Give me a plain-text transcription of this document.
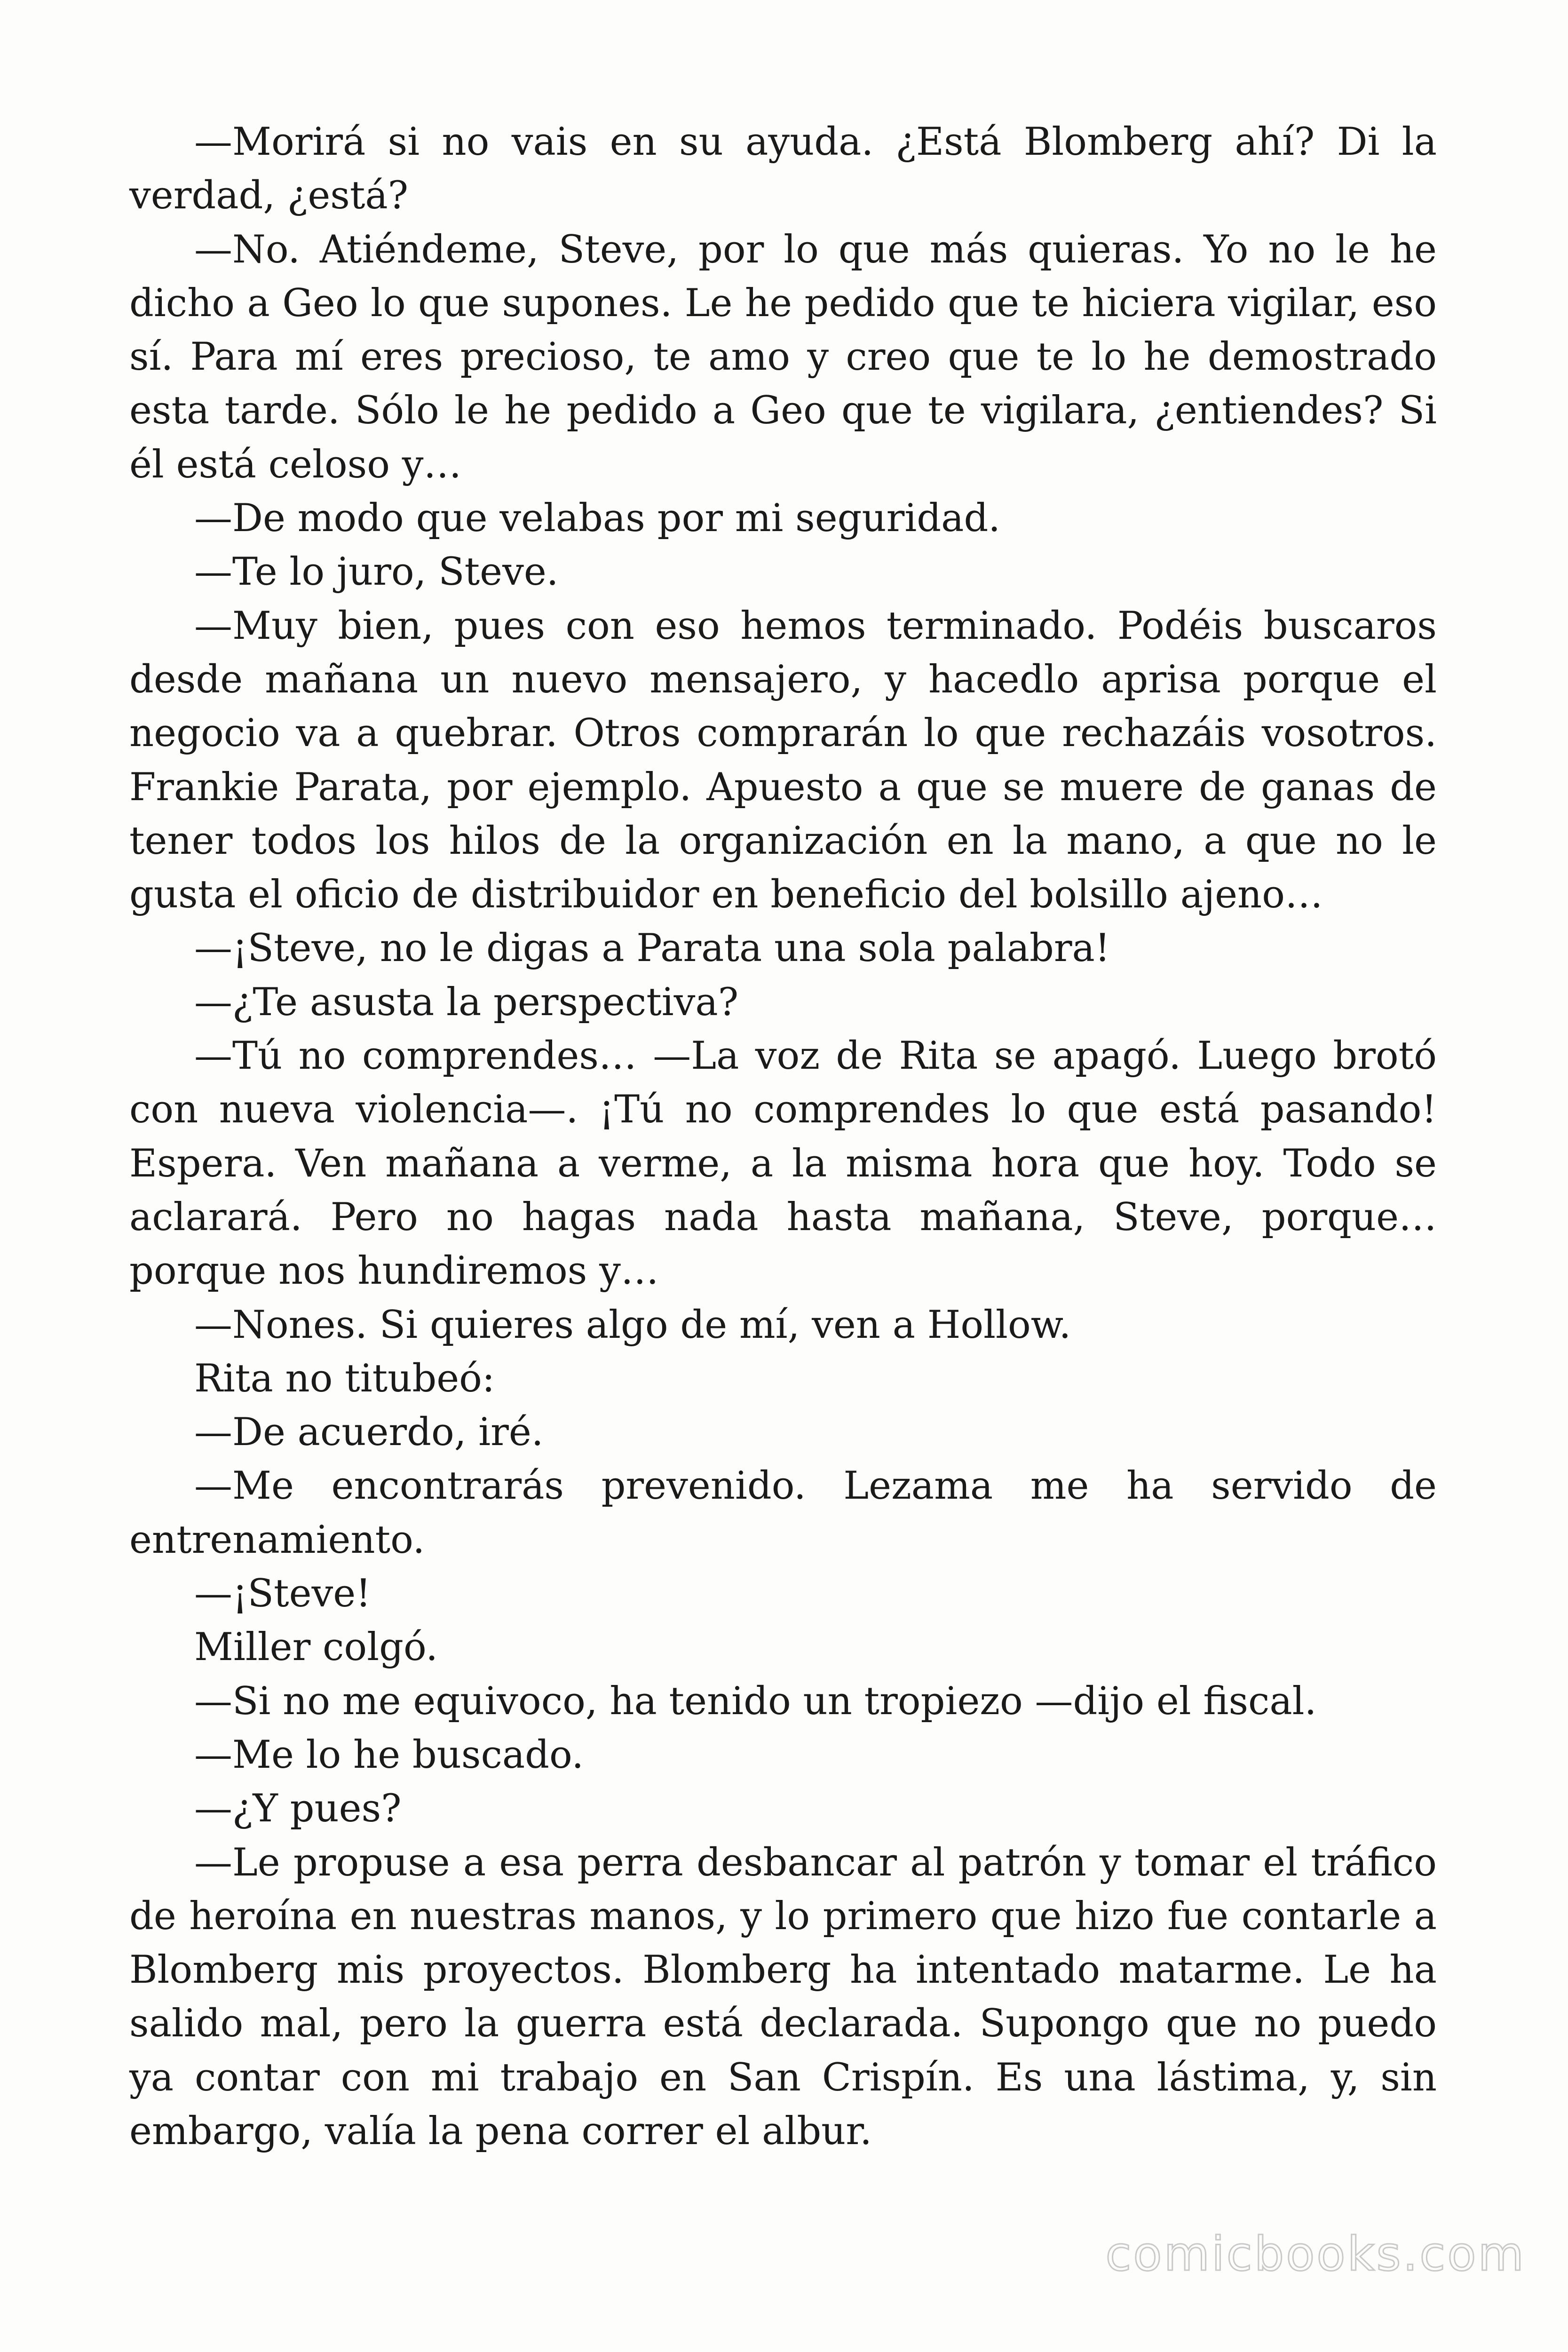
—Morirá si no vais en su ayuda. ¿Está Blomberg ahí? Di la verdad, ¿está?

—No. Atiéndeme, Steve, por lo que más quieras. Yo no le he dicho a Geo lo que supones. Le he pedido que te hiciera vigilar, eso sí. Para mí eres precioso, te amo y creo que te lo he demostrado esta tarde. Sólo le he pedido a Geo que te vigilara, ¿entiendes? Si él está celoso y…

—De modo que velabas por mi seguridad.

—Te lo juro, Steve.

—Muy bien, pues con eso hemos terminado. Podéis buscaros desde mañana un nuevo mensajero, y hacedlo aprisa porque el negocio va a quebrar. Otros comprarán lo que rechazáis vosotros. Frankie Parata, por ejemplo. Apuesto a que se muere de ganas de tener todos los hilos de la organización en la mano, a que no le gusta el oficio de distribuidor en beneficio del bolsillo ajeno…

—¡Steve, no le digas a Parata una sola palabra!

—¿Te asusta la perspectiva?

—Tú no comprendes… —La voz de Rita se apagó. Luego brotó con nueva violencia—. ¡Tú no comprendes lo que está pasando! Espera. Ven mañana a verme, a la misma hora que hoy. Todo se aclarará. Pero no hagas nada hasta mañana, Steve, porque… porque nos hundiremos y…

—Nones. Si quieres algo de mí, ven a Hollow.

Rita no titubeó:

—De acuerdo, iré.

—Me encontrarás prevenido. Lezama me ha servido de entrenamiento.

—¡Steve!

Miller colgó.

—Si no me equivoco, ha tenido un tropiezo —dijo el fiscal.

—Me lo he buscado.

—¿Y pues?

—Le propuse a esa perra desbancar al patrón y tomar el tráfico de heroína en nuestras manos, y lo primero que hizo fue contarle a Blomberg mis proyectos. Blomberg ha intentado matarme. Le ha salido mal, pero la guerra está declarada. Supongo que no puedo ya contar con mi trabajo en San Crispín. Es una lástima, y, sin embargo, valía la pena correr el albur.

comicbooks.com
